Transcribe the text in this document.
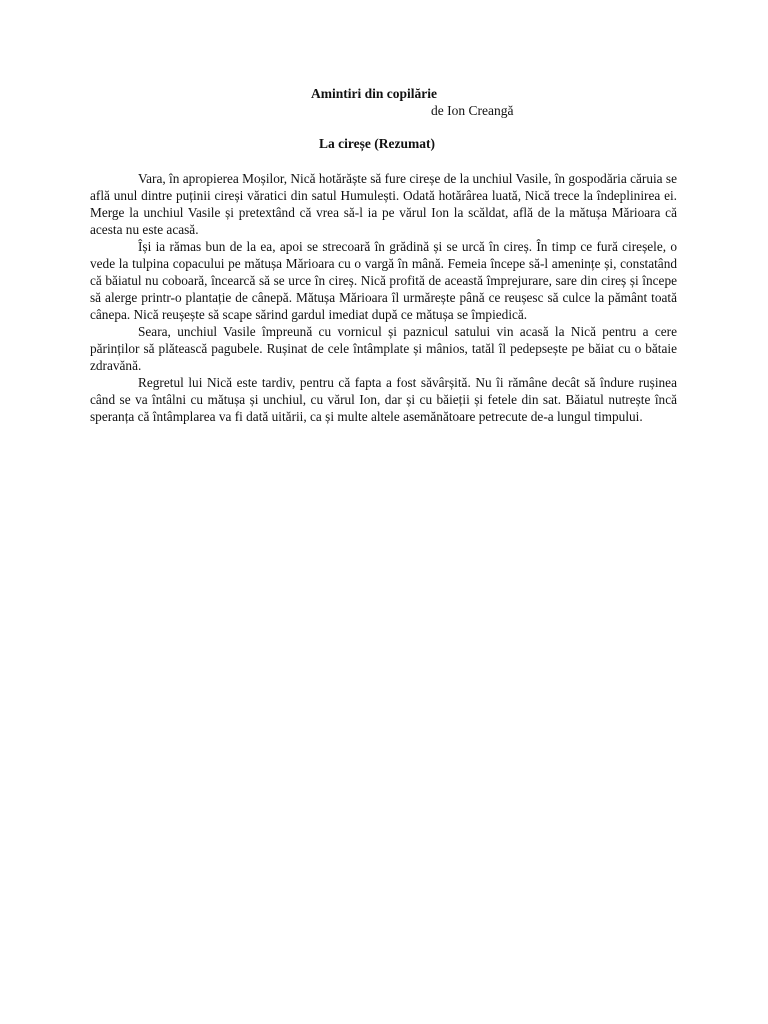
Amintiri din copilărie
de Ion Creangă
La cireșe (Rezumat)

Vara, în apropierea Moșilor, Nică hotărăște să fure cireșe de la unchiul Vasile, în gospodăria căruia se află unul dintre puținii cireși văratici din satul Humulești. Odată hotărârea luată, Nică trece la îndeplinirea ei. Merge la unchiul Vasile și pretextând că vrea să-l ia pe vărul Ion la scăldat, află de la mătușa Mărioara că acesta nu este acasă.

Își ia rămas bun de la ea, apoi se strecoară în grădină și se urcă în cireș. În timp ce fură cireșele, o vede la tulpina copacului pe mătușa Mărioara cu o vargă în mână. Femeia începe să-l amenințe și, constatând că băiatul nu coboară, încearcă să se urce în cireș. Nică profită de această împrejurare, sare din cireș și începe să alerge printr-o plantație de cânepă. Mătușa Mărioara îl urmărește până ce reușesc să culce la pământ toată cânepa. Nică reușește să scape sărind gardul imediat după ce mătușa se împiedică.

Seara, unchiul Vasile împreună cu vornicul și paznicul satului vin acasă la Nică pentru a cere părinților să plătească pagubele. Rușinat de cele întâmplate și mânios, tatăl îl pedepsește pe băiat cu o bătaie zdravănă.

Regretul lui Nică este tardiv, pentru că fapta a fost săvârșită. Nu îi rămâne decât să îndure rușinea când se va întâlni cu mătușa și unchiul, cu vărul Ion, dar și cu băieții și fetele din sat. Băiatul nutrește încă speranța că întâmplarea va fi dată uitării, ca și multe altele asemănătoare petrecute de-a lungul timpului.
